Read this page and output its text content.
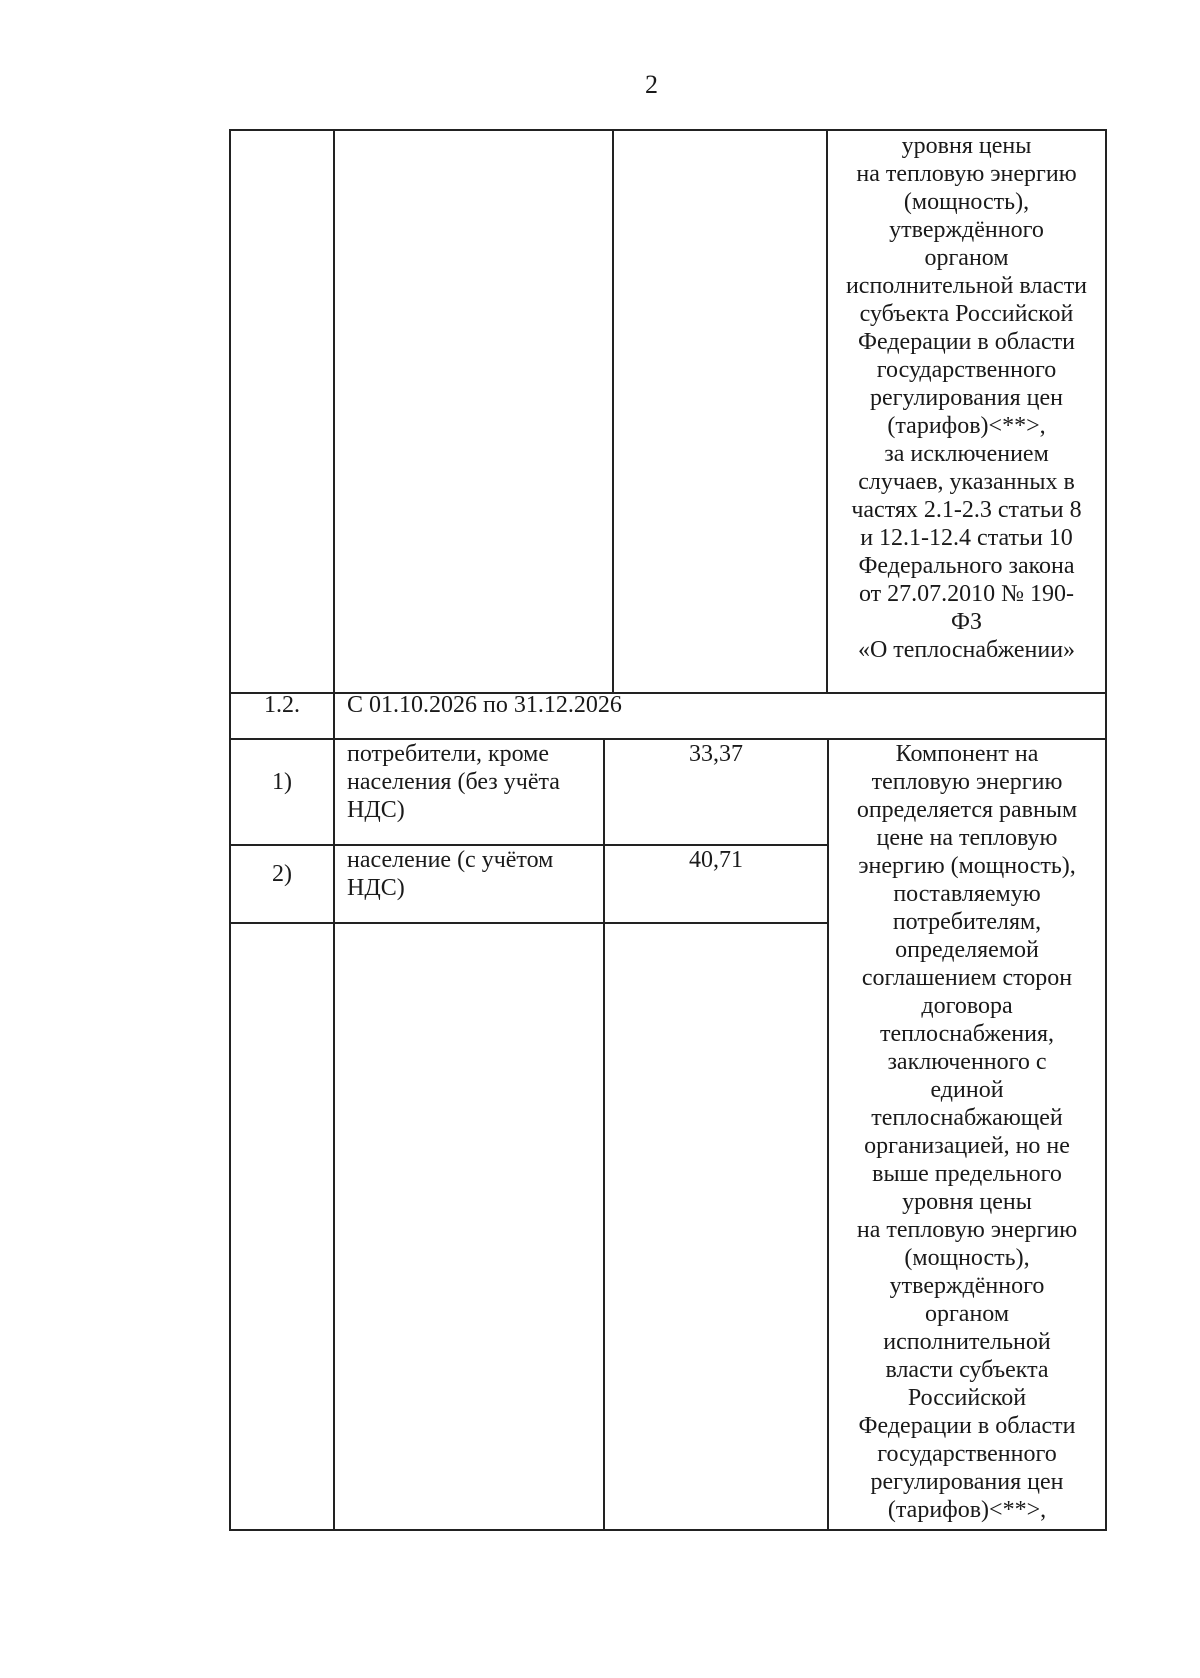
2
уровня цены
на тепловую энергию
(мощность),
утверждённого
органом
исполнительной власти
субъекта Российской
Федерации в области
государственного
регулирования цен
(тарифов)<**>,
за исключением
случаев, указанных в
частях 2.1-2.3 статьи 8
и 12.1-12.4 статьи 10
Федерального закона
от 27.07.2010 № 190-
ФЗ
«О теплоснабжении»
1.2.	С 01.10.2026 по 31.12.2026
1)
потребители, кроме населения (без учёта НДС)
33,37
2)
население (с учётом НДС)
40,71
Компонент на
тепловую энергию
определяется равным
цене на тепловую
энергию (мощность),
поставляемую
потребителям,
определяемой
соглашением сторон
договора
теплоснабжения,
заключенного с
единой
теплоснабжающей
организацией, но не
выше предельного
уровня цены
на тепловую энергию
(мощность),
утверждённого
органом
исполнительной
власти субъекта
Российской
Федерации в области
государственного
регулирования цен
(тарифов)<**>,
